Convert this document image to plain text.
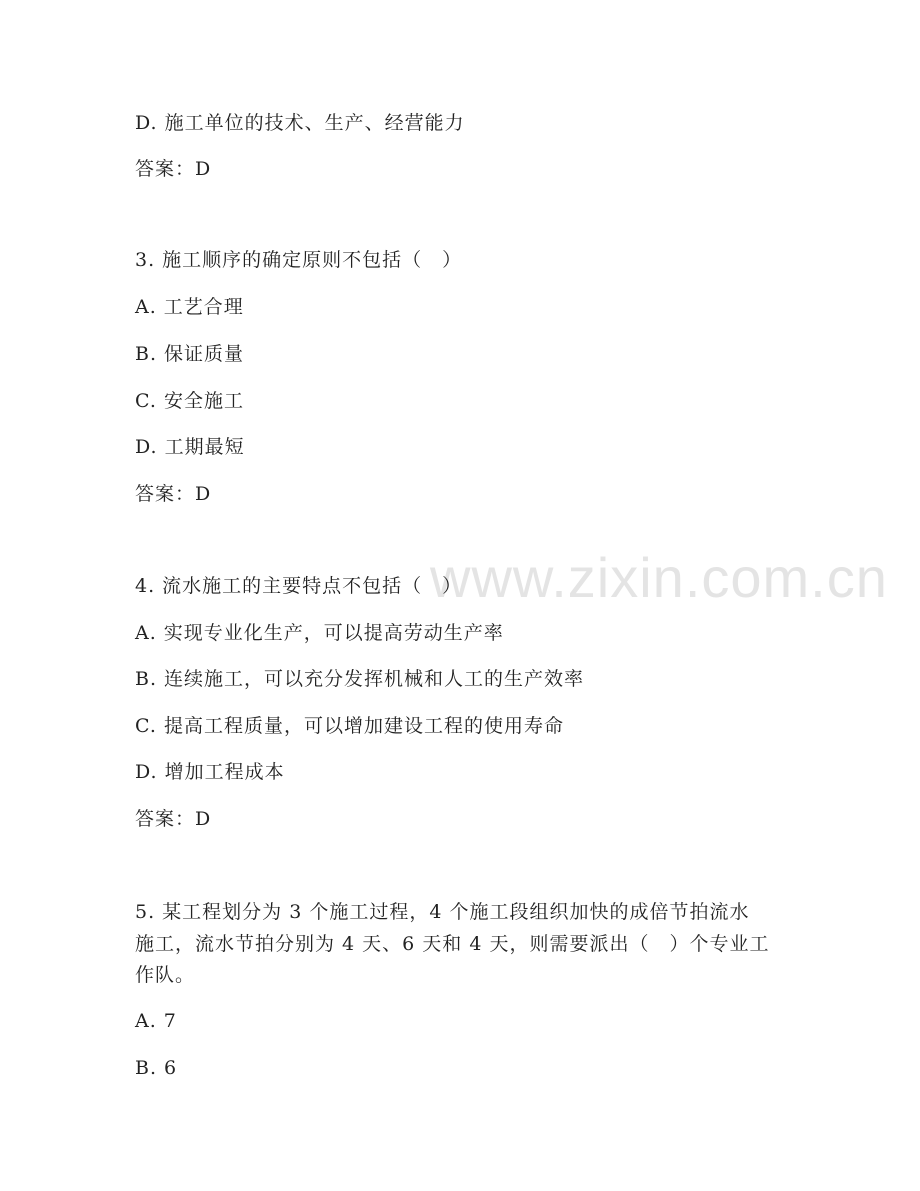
www.zixin.com.cn
D. 施工单位的技术、生产、经营能力
答案：D
3. 施工顺序的确定原则不包括（　）
A. 工艺合理
B. 保证质量
C. 安全施工
D. 工期最短
答案：D
4. 流水施工的主要特点不包括（　）
A. 实现专业化生产，可以提高劳动生产率
B. 连续施工，可以充分发挥机械和人工的生产效率
C. 提高工程质量，可以增加建设工程的使用寿命
D. 增加工程成本
答案：D
5. 某工程划分为 3 个施工过程，4 个施工段组织加快的成倍节拍流水
施工，流水节拍分别为 4 天、6 天和 4 天，则需要派出（　）个专业工
作队。
A. 7
B. 6
